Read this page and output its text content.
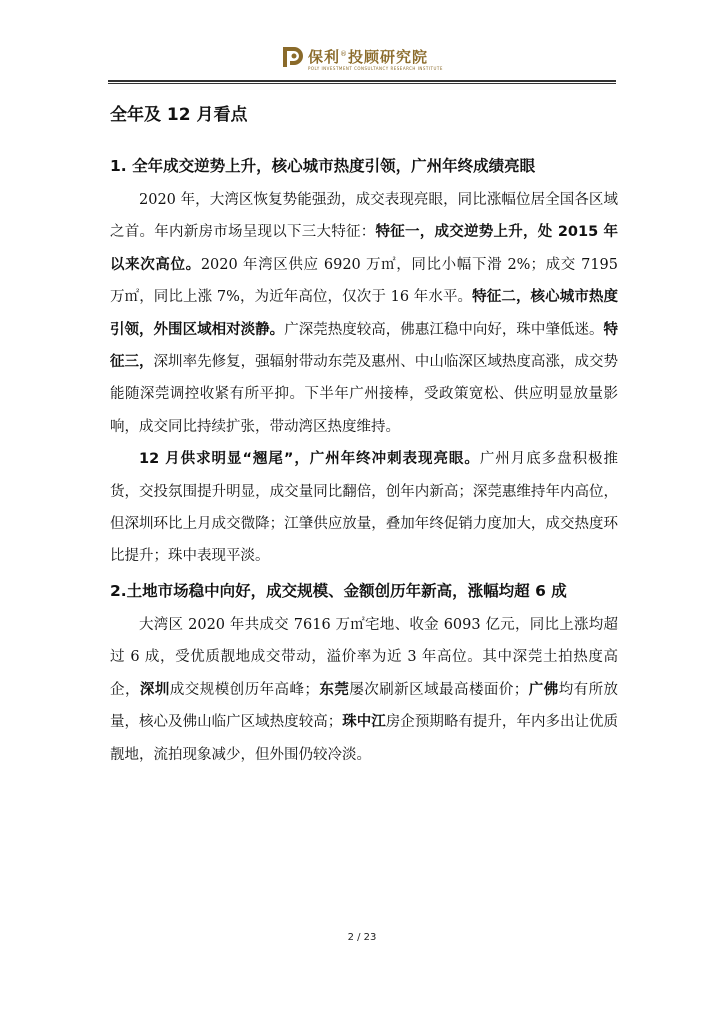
保利®投顾研究院
POLY INVESTMENT CONSULTANCY RESEARCH INSTITUTE
全年及 12 月看点
1. 全年成交逆势上升，核心城市热度引领，广州年终成绩亮眼

2020 年，大湾区恢复势能强劲，成交表现亮眼，同比涨幅位居全国各区域之首。年内新房市场呈现以下三大特征：特征一，成交逆势上升，处 2015 年以来次高位。2020 年湾区供应 6920 万㎡，同比小幅下滑 2%；成交 7195 万㎡，同比上涨 7%，为近年高位，仅次于 16 年水平。特征二，核心城市热度引领，外围区域相对淡静。广深莞热度较高，佛惠江稳中向好，珠中肇低迷。特征三，深圳率先修复，强辐射带动东莞及惠州、中山临深区域热度高涨，成交势能随深莞调控收紧有所平抑。下半年广州接棒，受政策宽松、供应明显放量影响，成交同比持续扩张，带动湾区热度维持。

12 月供求明显“翘尾”，广州年终冲刺表现亮眼。广州月底多盘积极推货，交投氛围提升明显，成交量同比翻倍，创年内新高；深莞惠维持年内高位，但深圳环比上月成交微降；江肇供应放量，叠加年终促销力度加大，成交热度环比提升；珠中表现平淡。

2.土地市场稳中向好，成交规模、金额创历年新高，涨幅均超 6 成

大湾区 2020 年共成交 7616 万㎡宅地、收金 6093 亿元，同比上涨均超过 6 成，受优质靓地成交带动，溢价率为近 3 年高位。其中深莞土拍热度高企，深圳成交规模创历年高峰；东莞屡次刷新区域最高楼面价；广佛均有所放量，核心及佛山临广区域热度较高；珠中江房企预期略有提升，年内多出让优质靓地，流拍现象减少，但外围仍较冷淡。

2 / 23
